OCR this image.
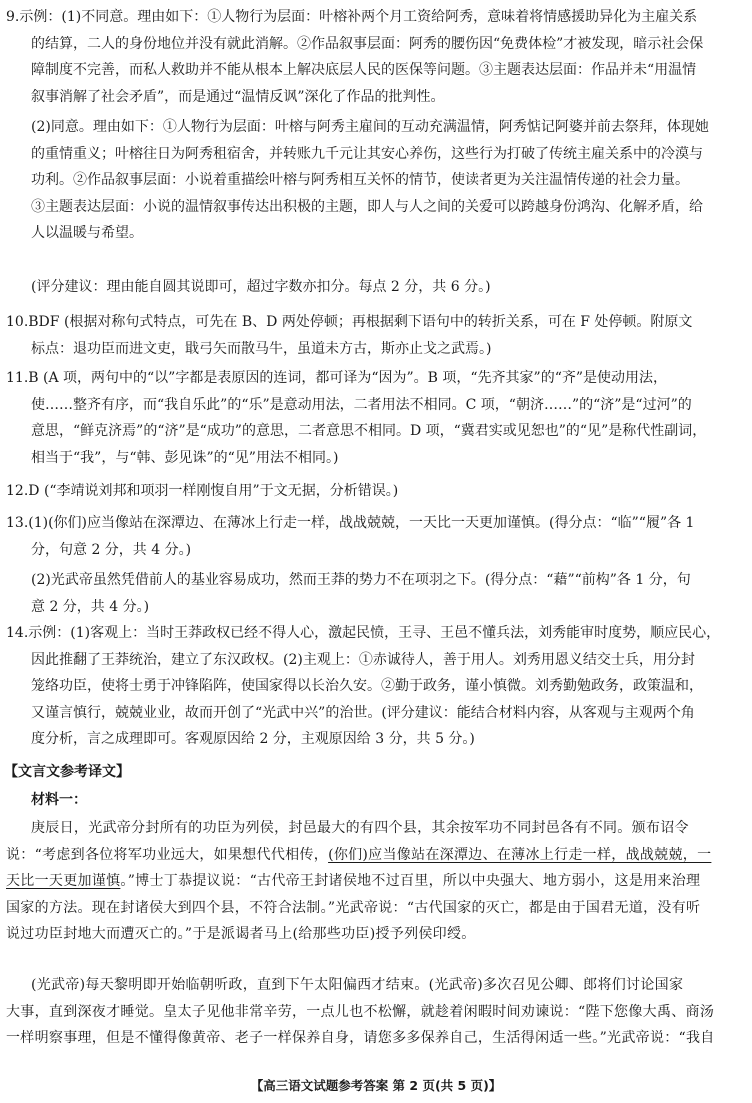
9.示例：(1)不同意。理由如下：①人物行为层面：叶榕补两个月工资给阿秀，意味着将情感援助异化为主雇关系
的结算，二人的身份地位并没有就此消解。②作品叙事层面：阿秀的腰伤因“免费体检”才被发现，暗示社会保
障制度不完善，而私人救助并不能从根本上解决底层人民的医保等问题。③主题表达层面：作品并未“用温情
叙事消解了社会矛盾”，而是通过“温情反讽”深化了作品的批判性。
(2)同意。理由如下：①人物行为层面：叶榕与阿秀主雇间的互动充满温情，阿秀惦记阿婆并前去祭拜，体现她
的重情重义；叶榕往日为阿秀租宿舍，并转账九千元让其安心养伤，这些行为打破了传统主雇关系中的冷漠与
功利。②作品叙事层面：小说着重描绘叶榕与阿秀相互关怀的情节，使读者更为关注温情传递的社会力量。
③主题表达层面：小说的温情叙事传达出积极的主题，即人与人之间的关爱可以跨越身份鸿沟、化解矛盾，给
人以温暖与希望。
(评分建议：理由能自圆其说即可，超过字数亦扣分。每点 2 分，共 6 分。)
10.BDF (根据对称句式特点，可先在 B、D 两处停顿；再根据剩下语句中的转折关系，可在 F 处停顿。附原文
标点：退功臣而进文吏，戢弓矢而散马牛，虽道未方古，斯亦止戈之武焉。)
11.B (A 项，两句中的“以”字都是表原因的连词，都可译为“因为”。B 项，“先齐其家”的“齐”是使动用法，
使……整齐有序，而“我自乐此”的“乐”是意动用法，二者用法不相同。C 项，“朝济……”的“济”是“过河”的
意思，“鲜克济焉”的“济”是“成功”的意思，二者意思不相同。D 项，“冀君实或见恕也”的“见”是称代性副词，
相当于“我”，与“韩、彭见诛”的“见”用法不相同。)
12.D (“李靖说刘邦和项羽一样刚愎自用”于文无据，分析错误。)
13.(1)(你们)应当像站在深潭边、在薄冰上行走一样，战战兢兢，一天比一天更加谨慎。(得分点：“临”“履”各 1
分，句意 2 分，共 4 分。)
(2)光武帝虽然凭借前人的基业容易成功，然而王莽的势力不在项羽之下。(得分点：“藉”“前构”各 1 分，句
意 2 分，共 4 分。)
14.示例：(1)客观上：当时王莽政权已经不得人心，激起民愤，王寻、王邑不懂兵法，刘秀能审时度势，顺应民心，
因此推翻了王莽统治，建立了东汉政权。(2)主观上：①赤诚待人，善于用人。刘秀用恩义结交士兵，用分封
笼络功臣，使将士勇于冲锋陷阵，使国家得以长治久安。②勤于政务，谨小慎微。刘秀勤勉政务，政策温和，
又谨言慎行，兢兢业业，故而开创了“光武中兴”的治世。(评分建议：能结合材料内容，从客观与主观两个角
度分析，言之成理即可。客观原因给 2 分，主观原因给 3 分，共 5 分。)
【文言文参考译文】
材料一：
庚辰日，光武帝分封所有的功臣为列侯，封邑最大的有四个县，其余按军功不同封邑各有不同。颁布诏令
说：“考虑到各位将军功业远大，如果想代代相传，(你们)应当像站在深潭边、在薄冰上行走一样，战战兢兢，一
天比一天更加谨慎。”博士丁恭提议说：“古代帝王封诸侯地不过百里，所以中央强大、地方弱小，这是用来治理
国家的方法。现在封诸侯大到四个县，不符合法制。”光武帝说：“古代国家的灭亡，都是由于国君无道，没有听
说过功臣封地大而遭灭亡的。”于是派谒者马上(给那些功臣)授予列侯印绶。
(光武帝)每天黎明即开始临朝听政，直到下午太阳偏西才结束。(光武帝)多次召见公卿、郎将们讨论国家
大事，直到深夜才睡觉。皇太子见他非常辛劳，一点儿也不松懈，就趁着闲暇时间劝谏说：“陛下您像大禹、商汤
一样明察事理，但是不懂得像黄帝、老子一样保养自身，请您多多保养自己，生活得闲适一些。”光武帝说：“我自
【高三语文试题参考答案 第 2 页(共 5 页)】
